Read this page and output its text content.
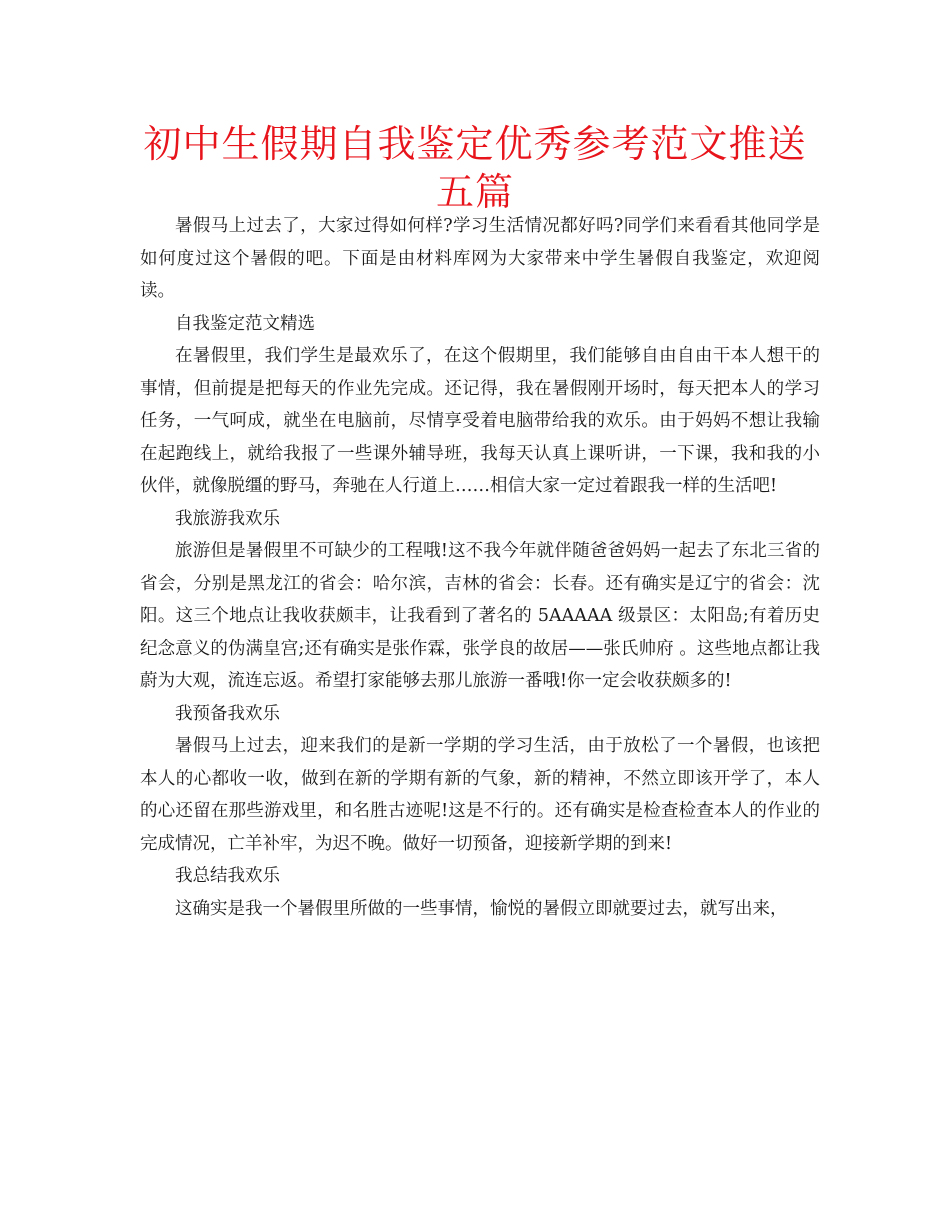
初中生假期自我鉴定优秀参考范文推送五篇

暑假马上过去了，大家过得如何样?学习生活情况都好吗?同学们来看看其他同学是如何度过这个暑假的吧。下面是由材料库网为大家带来中学生暑假自我鉴定，欢迎阅读。

自我鉴定范文精选

在暑假里，我们学生是最欢乐了，在这个假期里，我们能够自由自由干本人想干的事情，但前提是把每天的作业先完成。还记得，我在暑假刚开场时，每天把本人的学习任务，一气呵成，就坐在电脑前，尽情享受着电脑带给我的欢乐。由于妈妈不想让我输在起跑线上，就给我报了一些课外辅导班，我每天认真上课听讲，一下课，我和我的小伙伴，就像脱缰的野马，奔驰在人行道上……相信大家一定过着跟我一样的生活吧!

我旅游我欢乐

旅游但是暑假里不可缺少的工程哦!这不我今年就伴随爸爸妈妈一起去了东北三省的省会，分别是黑龙江的省会：哈尔滨，吉林的省会：长春。还有确实是辽宁的省会：沈阳。这三个地点让我收获颇丰，让我看到了著名的 5AAAAA 级景区：太阳岛;有着历史纪念意义的伪满皇宫;还有确实是张作霖，张学良的故居——张氏帅府 。这些地点都让我蔚为大观，流连忘返。希望打家能够去那儿旅游一番哦!你一定会收获颇多的!

我预备我欢乐

暑假马上过去，迎来我们的是新一学期的学习生活，由于放松了一个暑假，也该把本人的心都收一收，做到在新的学期有新的气象，新的精神，不然立即该开学了，本人的心还留在那些游戏里，和名胜古迹呢!这是不行的。还有确实是检查检查本人的作业的完成情况，亡羊补牢，为迟不晚。做好一切预备，迎接新学期的到来!

我总结我欢乐

这确实是我一个暑假里所做的一些事情，愉悦的暑假立即就要过去，就写出来，
